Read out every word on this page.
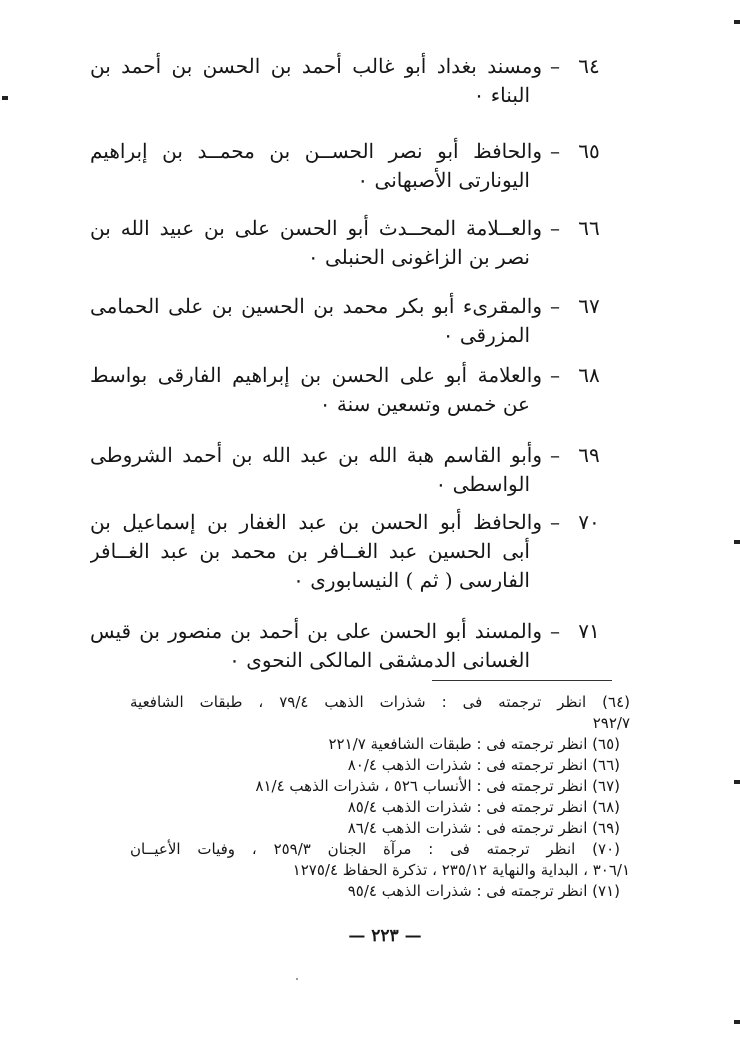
٦٤
–
ومسند بغداد أبو غالب أحمد بن الحسن بن أحمد بن
البناء ٠
٦٥
–
والحافظ أبو نصر الحســن بن محمــد بن إبراهيم
اليونارتى الأصبهانى ٠
٦٦
–
والعــلامة المحــدث أبو الحسن على بن عبيد الله بن
نصر بن الزاغونى الحنبلى ٠
٦٧
–
والمقرىء أبو بكر محمد بن الحسين بن على الحمامى
المزرقى ٠
٦٨
–
والعلامة أبو على الحسن بن إبراهيم الفارقى بواسط
عن خمس وتسعين سنة ٠
٦٩
–
وأبو القاسم هبة الله بن عبد الله بن أحمد الشروطى
الواسطى ٠
٧٠
–
والحافظ أبو الحسن بن عبد الغفار بن إسماعيل بن
أبى الحسين عبد الغــافر بن محمد بن عبد الغــافر
الفارسى ( ثم ) النيسابورى ٠
٧١
–
والمسند أبو الحسن على بن أحمد بن منصور بن قيس
الغسانى الدمشقى المالكى النحوى ٠
(٦٤) انظر ترجمته فى : شذرات الذهب ٧٩/٤ ، طبقات الشافعية
٢٩٢/٧
(٦٥) انظر ترجمته فى : طبقات الشافعية ٢٢١/٧
(٦٦) انظر ترجمته فى : شذرات الذهب ٨٠/٤
(٦٧) انظر ترجمته فى : الأنساب ٥٢٦ ، شذرات الذهب ٨١/٤
(٦٨) انظر ترجمته فى : شذرات الذهب ٨٥/٤
(٦٩) انظر ترجمته فى : شذرات الذهب ٨٦/٤
(٧٠) انظر ترجمته فى : مرآة الجنان ٢٥٩/٣ ، وفيات الأعيــان
٣٠٦/١ ، البداية والنهاية ٢٣٥/١٢ ، تذكرة الحفاظ ١٢٧٥/٤
(٧١) انظر ترجمته فى : شذرات الذهب ٩٥/٤
— ٢٢٣ —
